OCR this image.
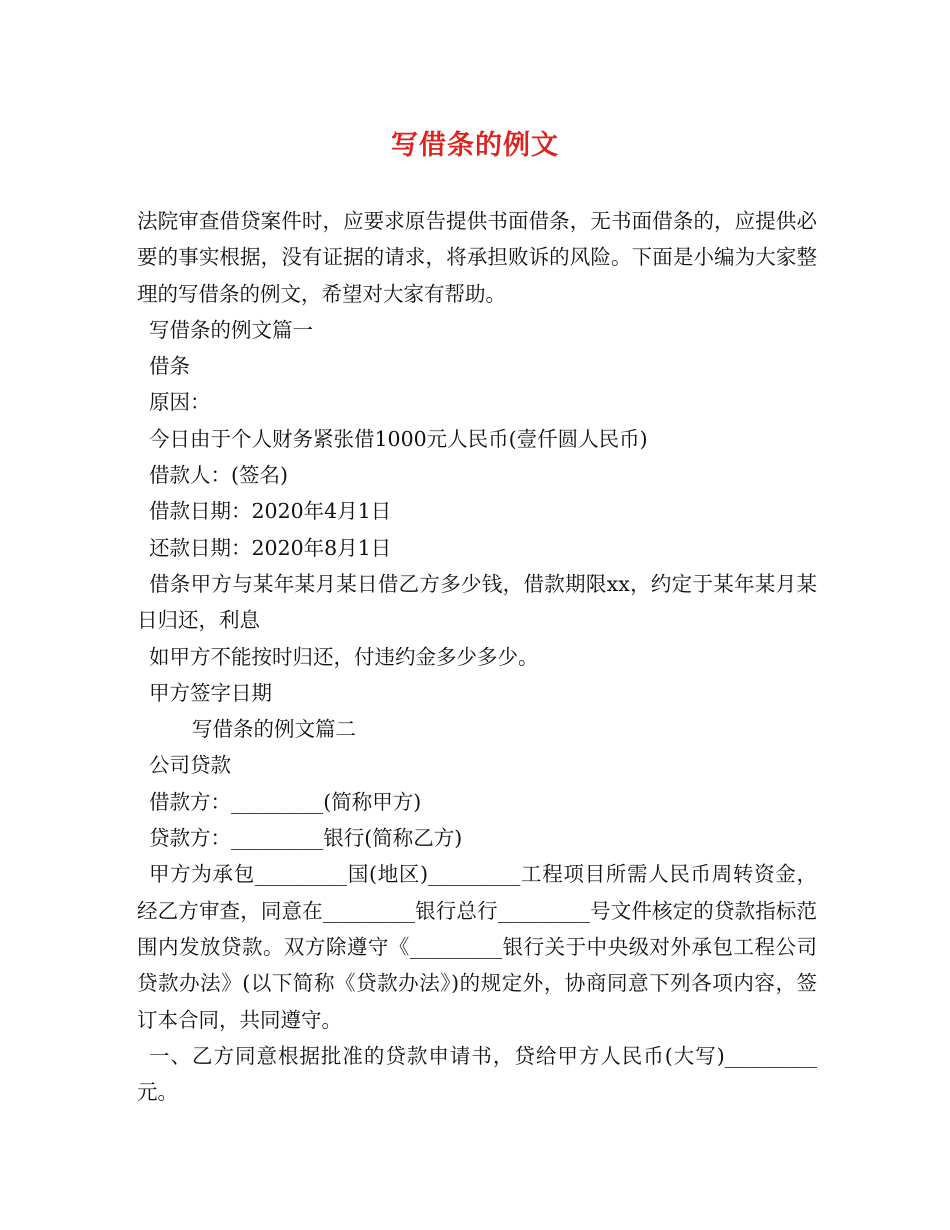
写借条的例文

法院审查借贷案件时，应要求原告提供书面借条，无书面借条的，应提供必要的事实根据，没有证据的请求，将承担败诉的风险。下面是小编为大家整理的写借条的例文，希望对大家有帮助。

写借条的例文篇一

借条

原因：

今日由于个人财务紧张借1000元人民币(壹仟圆人民币)

借款人：(签名)

借款日期：2020年4月1日

还款日期：2020年8月1日

借条甲方与某年某月某日借乙方多少钱，借款期限xx，约定于某年某月某日归还，利息

如甲方不能按时归还，付违约金多少多少。

甲方签字日期

写借条的例文篇二

公司贷款

借款方：_________(简称甲方)

贷款方：_________银行(简称乙方)

甲方为承包_________国(地区)_________工程项目所需人民币周转资金，经乙方审查，同意在_________银行总行_________号文件核定的贷款指标范围内发放贷款。双方除遵守《_________银行关于中央级对外承包工程公司贷款办法》(以下简称《贷款办法》)的规定外，协商同意下列各项内容，签订本合同，共同遵守。

一、乙方同意根据批准的贷款申请书，贷给甲方人民币(大写)_________元。
